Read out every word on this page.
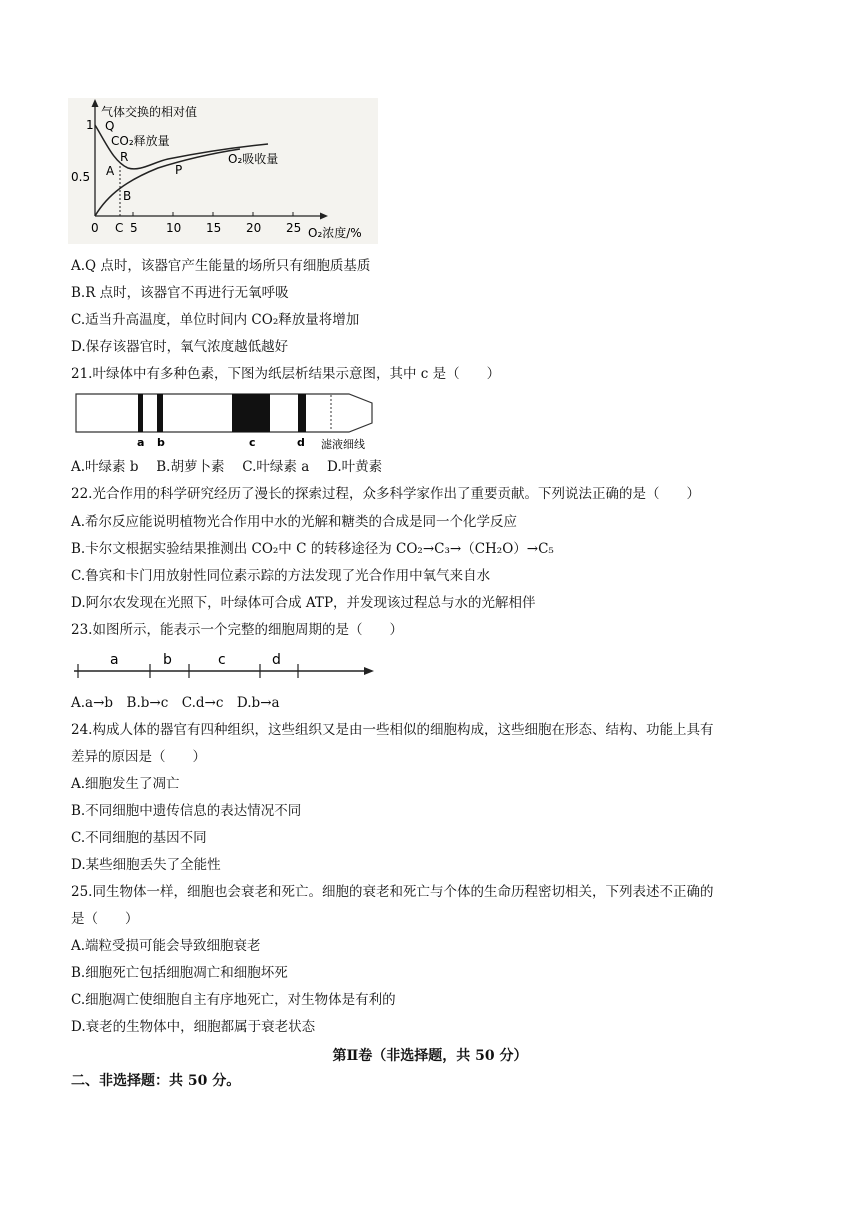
气体交换的相对值
1
0.5
Q
CO₂释放量
R
A
B
P
O₂吸收量
0 C 5 10 15 20 25 O₂浓度/%
A.Q 点时，该器官产生能量的场所只有细胞质基质
B.R 点时，该器官不再进行无氧呼吸
C.适当升高温度，单位时间内 CO₂释放量将增加
D.保存该器官时，氧气浓度越低越好
21.叶绿体中有多种色素，下图为纸层析结果示意图，其中 c 是（　　）
a b	c	d 滤液细线
A.叶绿素 b　 B.胡萝卜素　 C.叶绿素 a　 D.叶黄素
22.光合作用的科学研究经历了漫长的探索过程，众多科学家作出了重要贡献。下列说法正确的是（　　）
A.希尔反应能说明植物光合作用中水的光解和糖类的合成是同一个化学反应
B.卡尔文根据实验结果推测出 CO₂中 C 的转移途径为 CO₂→C₃→（CH₂O）→C₅
C.鲁宾和卡门用放射性同位素示踪的方法发现了光合作用中氧气来自水
D.阿尔农发现在光照下，叶绿体可合成 ATP，并发现该过程总与水的光解相伴
23.如图所示，能表示一个完整的细胞周期的是（　　）
a	b	c	d
A.a→b　B.b→c　C.d→c　D.b→a
24.构成人体的器官有四种组织，这些组织又是由一些相似的细胞构成，这些细胞在形态、结构、功能上具有
差异的原因是（　　）
A.细胞发生了凋亡
B.不同细胞中遗传信息的表达情况不同
C.不同细胞的基因不同
D.某些细胞丢失了全能性
25.同生物体一样，细胞也会衰老和死亡。细胞的衰老和死亡与个体的生命历程密切相关，下列表述不正确的
是（　　）
A.端粒受损可能会导致细胞衰老
B.细胞死亡包括细胞凋亡和细胞坏死
C.细胞凋亡使细胞自主有序地死亡，对生物体是有利的
D.衰老的生物体中，细胞都属于衰老状态
第Ⅱ卷（非选择题，共 50 分）
二、非选择题：共 50 分。
